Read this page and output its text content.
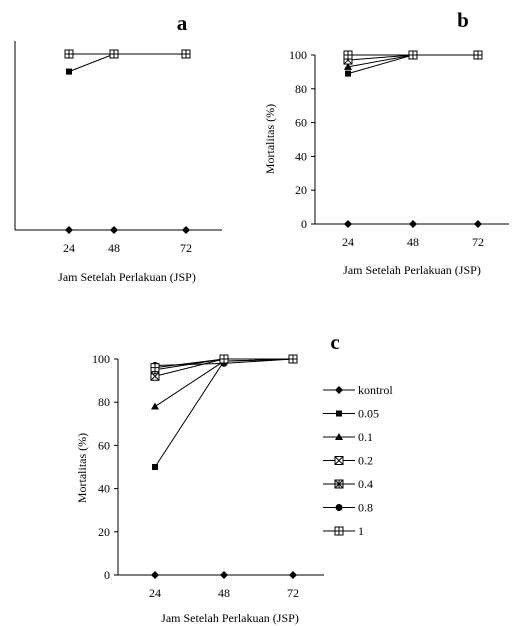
a
24	48	72
Jam Setelah Perlakuan (JSP)
b
0
20
40
60
80
100
24	48	72
Jam Setelah Perlakuan (JSP)
Mortalitas (%)
c
0
20
40
60
80
100
24	48	72
Jam Setelah Perlakuan (JSP)
Mortalitas (%)
kontrol
0.05
0.1
0.2
0.4
0.8
1
